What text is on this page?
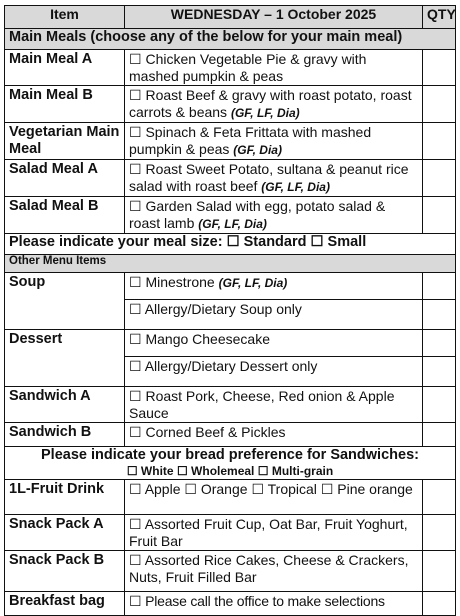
Item	WEDNESDAY – 1 October 2025	QTY
Main Meals (choose any of the below for your main meal)		
Main Meal A	☐ Chicken Vegetable Pie & gravy with mashed pumpkin & peas	
Main Meal B	☐ Roast Beef & gravy with roast potato, roast carrots & beans (GF, LF, Dia)	
Vegetarian Main Meal	☐ Spinach & Feta Frittata with mashed pumpkin & peas (GF, Dia)	
Salad Meal A	☐ Roast Sweet Potato, sultana & peanut rice salad with roast beef (GF, LF, Dia)	
Salad Meal B	☐ Garden Salad with egg, potato salad & roast lamb (GF, LF, Dia)	
Please indicate your meal size: ☐ Standard ☐ Small		
Other Menu Items		
Soup	☐ Minestrone (GF, LF, Dia)	
	☐ Allergy/Dietary Soup only	
Dessert	☐ Mango Cheesecake	
	☐ Allergy/Dietary Dessert only	
Sandwich A	☐ Roast Pork, Cheese, Red onion & Apple Sauce	
Sandwich B	☐ Corned Beef & Pickles	

Please indicate your bread preference for Sandwiches:
☐ White ☐ Wholemeal ☐ Multi-grain		

1L-Fruit Drink	☐ Apple ☐ Orange ☐ Tropical ☐ Pine orange	
Snack Pack A	☐ Assorted Fruit Cup, Oat Bar, Fruit Yoghurt, Fruit Bar	
Snack Pack B	☐ Assorted Rice Cakes, Cheese & Crackers, Nuts, Fruit Filled Bar	
Breakfast bag	☐ Please call the office to make selections	
